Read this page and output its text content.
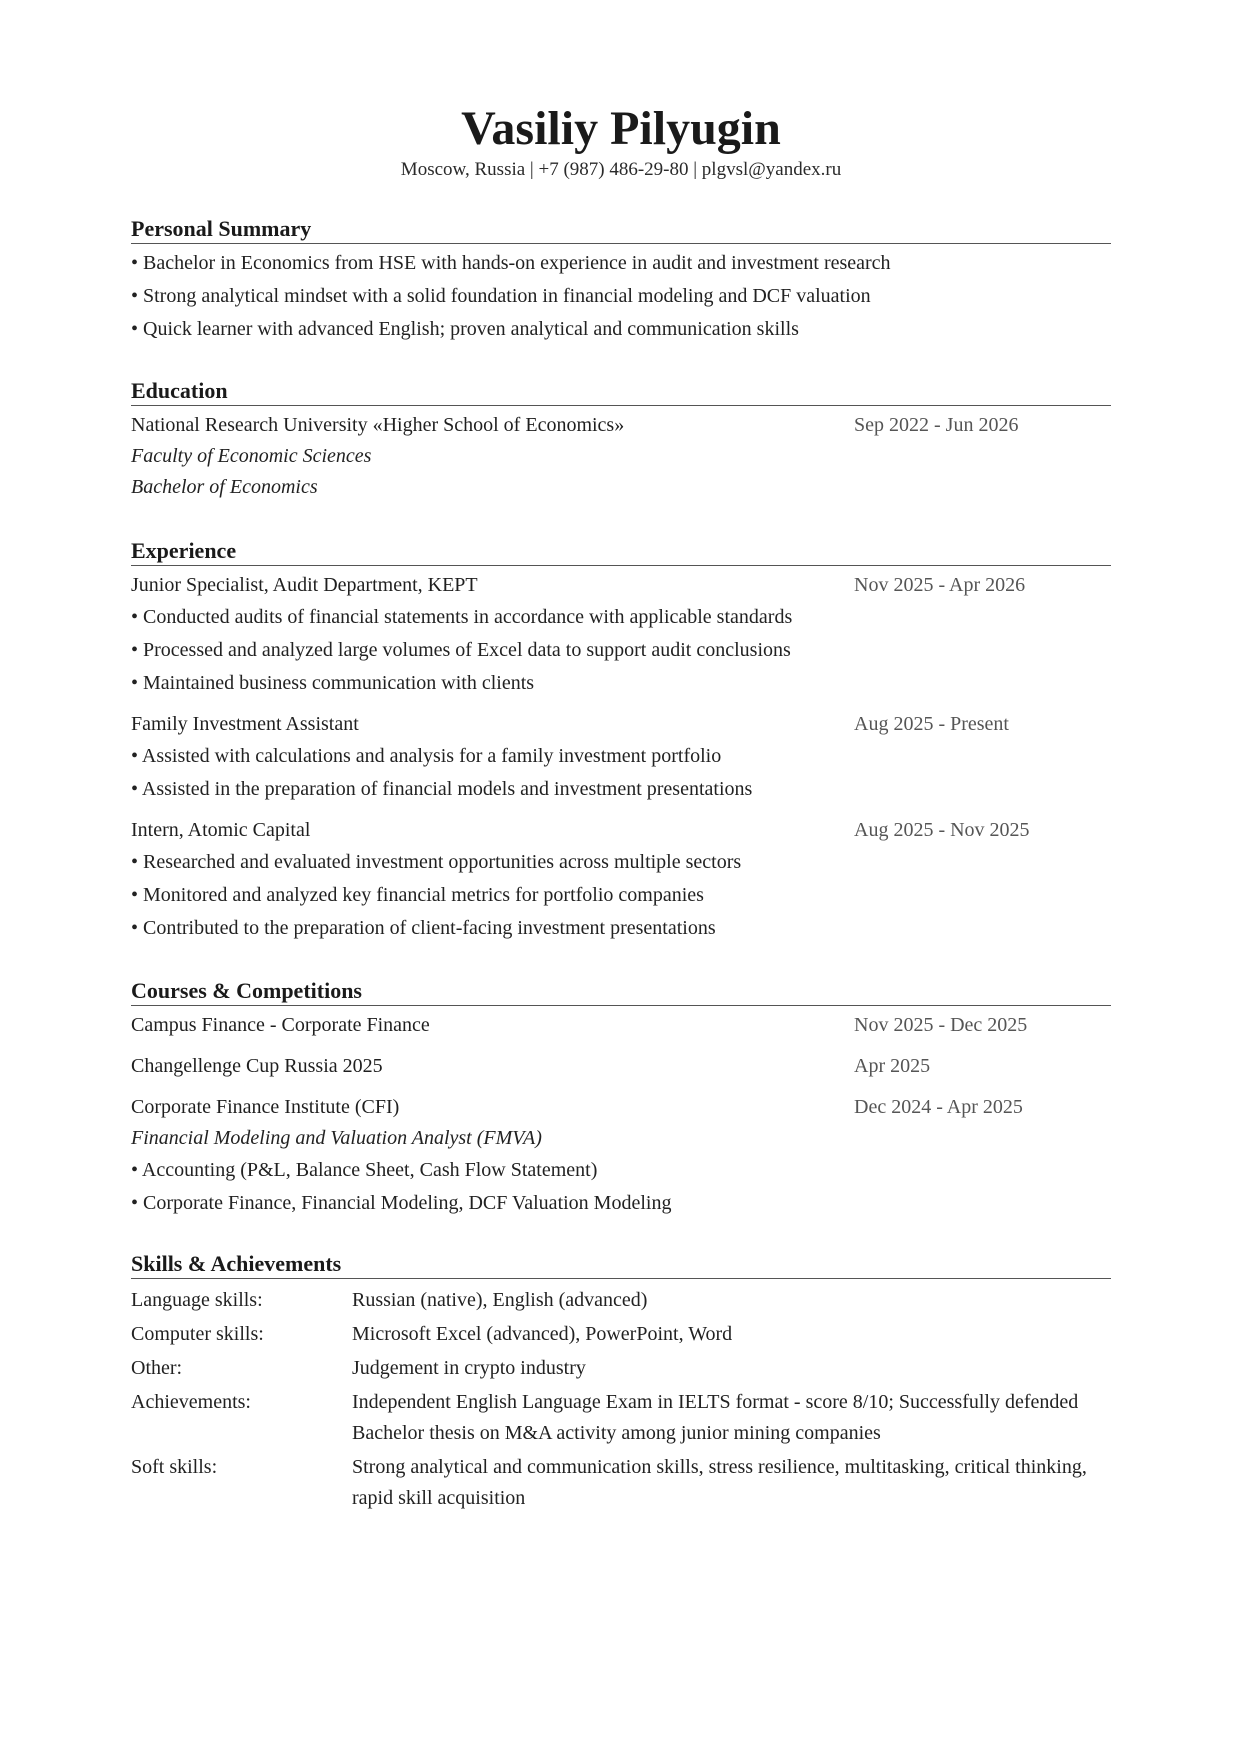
Vasiliy Pilyugin
Moscow, Russia | +7 (987) 486-29-80 | plgvsl@yandex.ru
Personal Summary
• Bachelor in Economics from HSE with hands-on experience in audit and investment research
• Strong analytical mindset with a solid foundation in financial modeling and DCF valuation
• Quick learner with advanced English; proven analytical and communication skills
Education
National Research University «Higher School of Economics»	Sep 2022 - Jun 2026
Faculty of Economic Sciences
Bachelor of Economics
Experience
Junior Specialist, Audit Department, KEPT	Nov 2025 - Apr 2026
• Conducted audits of financial statements in accordance with applicable standards
• Processed and analyzed large volumes of Excel data to support audit conclusions
• Maintained business communication with clients
Family Investment Assistant	Aug 2025 - Present
• Assisted with calculations and analysis for a family investment portfolio
• Assisted in the preparation of financial models and investment presentations
Intern, Atomic Capital	Aug 2025 - Nov 2025
• Researched and evaluated investment opportunities across multiple sectors
• Monitored and analyzed key financial metrics for portfolio companies
• Contributed to the preparation of client-facing investment presentations
Courses & Competitions
Campus Finance - Corporate Finance	Nov 2025 - Dec 2025
Changellenge Cup Russia 2025	Apr 2025
Corporate Finance Institute (CFI)	Dec 2024 - Apr 2025
Financial Modeling and Valuation Analyst (FMVA)
• Accounting (P&L, Balance Sheet, Cash Flow Statement)
• Corporate Finance, Financial Modeling, DCF Valuation Modeling
Skills & Achievements
Language skills:	Russian (native), English (advanced)
Computer skills:	Microsoft Excel (advanced), PowerPoint, Word
Other:	Judgement in crypto industry
Achievements:	Independent English Language Exam in IELTS format - score 8/10; Successfully defended Bachelor thesis on M&A activity among junior mining companies
Soft skills:	Strong analytical and communication skills, stress resilience, multitasking, critical thinking, rapid skill acquisition
